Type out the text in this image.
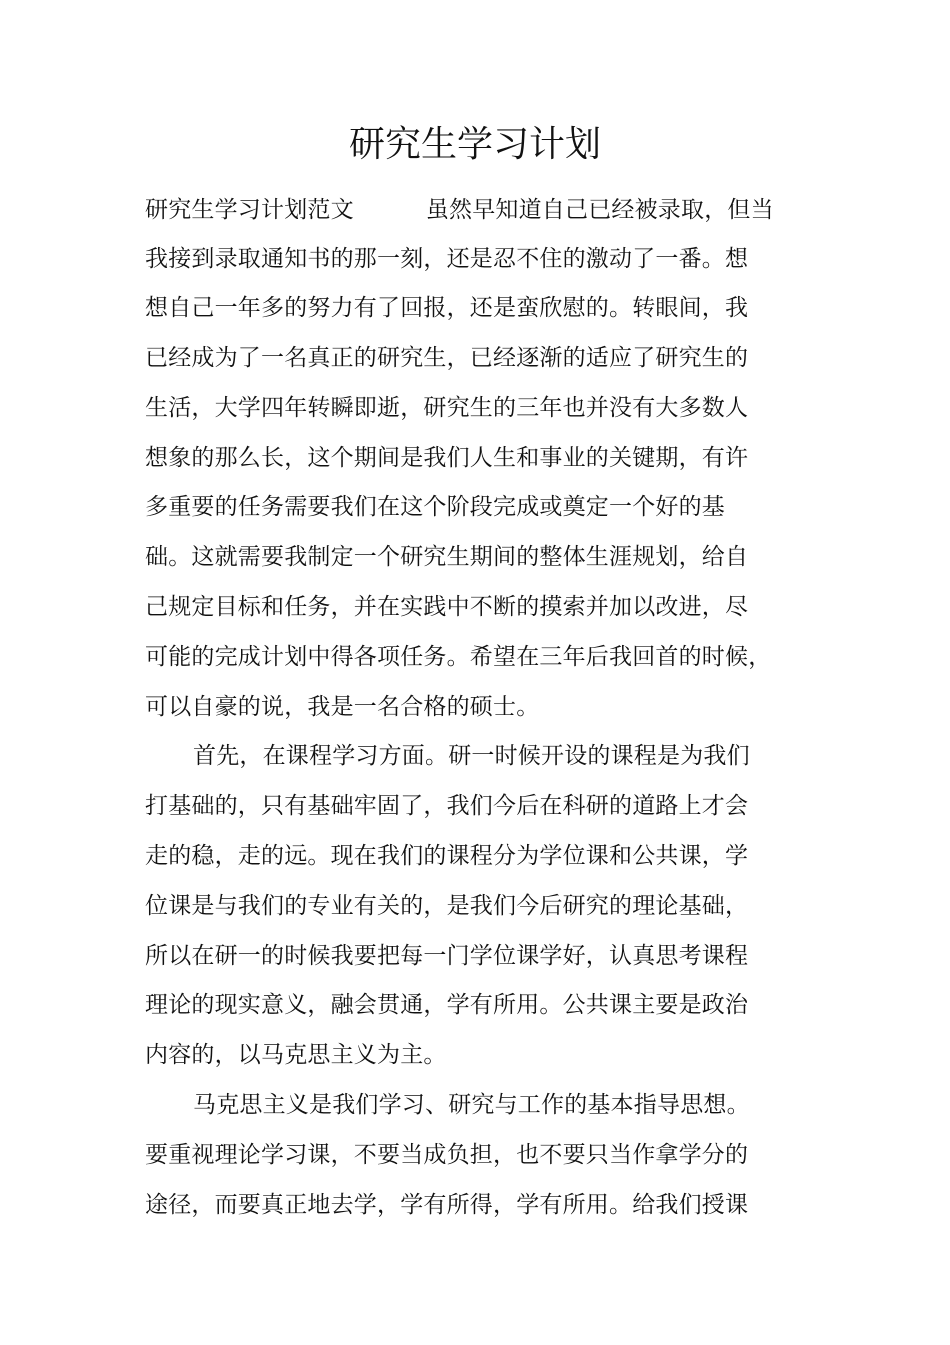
研究生学习计划
研究生学习计划范文	虽然早知道自己已经被录取，但当
我接到录取通知书的那一刻，还是忍不住的激动了一番。想
想自己一年多的努力有了回报，还是蛮欣慰的。转眼间，我
已经成为了一名真正的研究生，已经逐渐的适应了研究生的
生活，大学四年转瞬即逝，研究生的三年也并没有大多数人
想象的那么长，这个期间是我们人生和事业的关键期，有许
多重要的任务需要我们在这个阶段完成或奠定一个好的基
础。这就需要我制定一个研究生期间的整体生涯规划，给自
己规定目标和任务，并在实践中不断的摸索并加以改进，尽
可能的完成计划中得各项任务。希望在三年后我回首的时候，
可以自豪的说，我是一名合格的硕士。
首先，在课程学习方面。研一时候开设的课程是为我们
打基础的，只有基础牢固了，我们今后在科研的道路上才会
走的稳，走的远。现在我们的课程分为学位课和公共课，学
位课是与我们的专业有关的，是我们今后研究的理论基础，
所以在研一的时候我要把每一门学位课学好，认真思考课程
理论的现实意义，融会贯通，学有所用。公共课主要是政治
内容的，以马克思主义为主。
马克思主义是我们学习、研究与工作的基本指导思想。
要重视理论学习课，不要当成负担，也不要只当作拿学分的
途径，而要真正地去学，学有所得，学有所用。给我们授课
